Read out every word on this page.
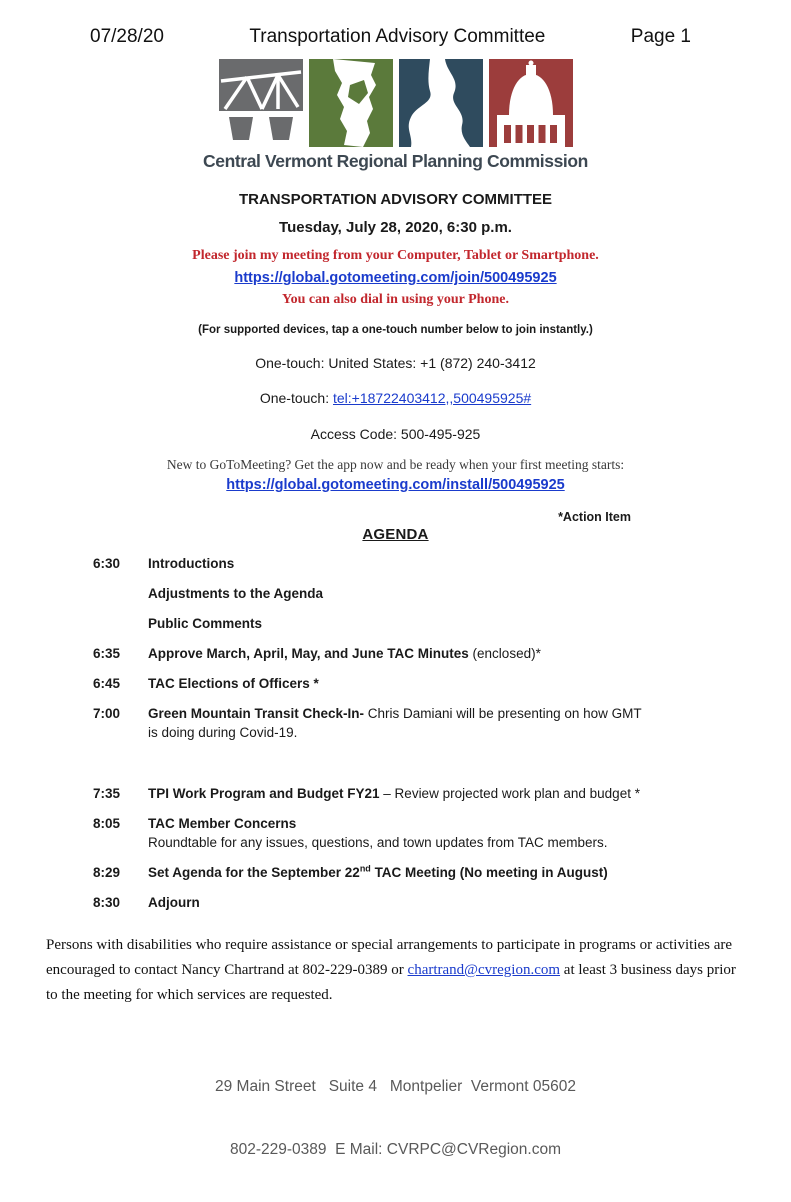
07/28/20	Transportation Advisory Committee	Page 1
Central Vermont Regional Planning Commission
TRANSPORTATION ADVISORY COMMITTEE
Tuesday, July 28, 2020, 6:30 p.m.
Please join my meeting from your Computer, Tablet or Smartphone.
https://global.gotomeeting.com/join/500495925
You can also dial in using your Phone.
(For supported devices, tap a one-touch number below to join instantly.)
One-touch: United States: +1 (872) 240-3412
One-touch: tel:+18722403412,,500495925#
Access Code: 500-495-925
New to GoToMeeting? Get the app now and be ready when your first meeting starts:
https://global.gotomeeting.com/install/500495925
*Action Item
AGENDA
6:30	Introductions
Adjustments to the Agenda
Public Comments
6:35	Approve March, April, May, and June TAC Minutes (enclosed)*
6:45	TAC Elections of Officers *
7:00	Green Mountain Transit Check-In- Chris Damiani will be presenting on how GMT is doing during Covid-19.
7:35	TPI Work Program and Budget FY21 – Review projected work plan and budget *
8:05	TAC Member Concerns
Roundtable for any issues, questions, and town updates from TAC members.
8:29	Set Agenda for the September 22nd TAC Meeting (No meeting in August)
8:30	Adjourn
Persons with disabilities who require assistance or special arrangements to participate in programs or activities are encouraged to contact Nancy Chartrand at 802-229-0389 or chartrand@cvregion.com at least 3 business days prior to the meeting for which services are requested.

29 Main Street   Suite 4   Montpelier  Vermont 05602

802-229-0389  E Mail: CVRPC@CVRegion.com
